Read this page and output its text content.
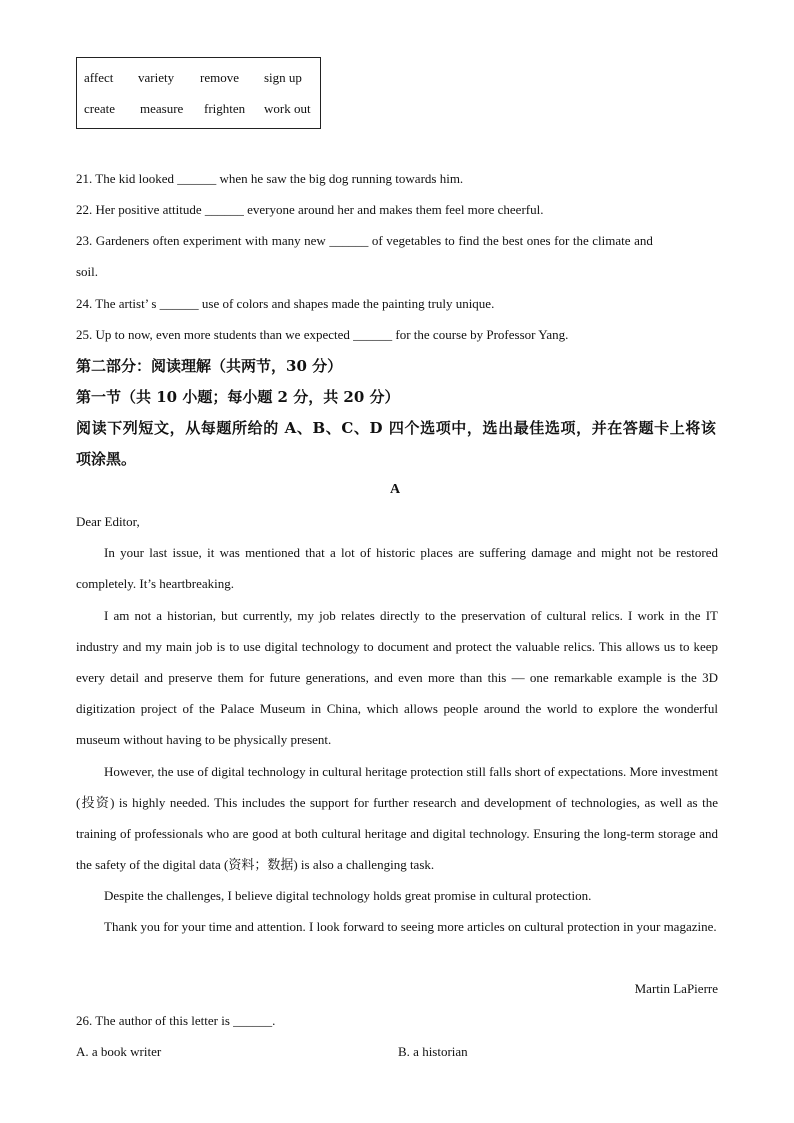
affect variety remove sign up
create measure frighten work out
21. The kid looked ______ when he saw the big dog running towards him.
22. Her positive attitude ______ everyone around her and makes them feel more cheerful.
23. Gardeners often experiment with many new ______ of vegetables to find the best ones for the climate and
soil.
24. The artist’ s ______ use of colors and shapes made the painting truly unique.
25. Up to now, even more students than we expected ______ for the course by Professor Yang.
第二部分：阅读理解（共两节，30 分）
第一节（共 10 小题；每小题 2 分，共 20 分）
阅读下列短文，从每题所给的 A、B、C、D 四个选项中，选出最佳选项，并在答题卡上将该
项涂黑。
A
Dear Editor,
In your last issue, it was mentioned that a lot of historic places are suffering damage and might not be restored completely. It’s heartbreaking.
I am not a historian, but currently, my job relates directly to the preservation of cultural relics. I work in the IT industry and my main job is to use digital technology to document and protect the valuable relics. This allows us to keep every detail and preserve them for future generations, and even more than this — one remarkable example is the 3D digitization project of the Palace Museum in China, which allows people around the world to explore the wonderful museum without having to be physically present.
However, the use of digital technology in cultural heritage protection still falls short of expectations. More investment (投资) is highly needed. This includes the support for further research and development of technologies, as well as the training of professionals who are good at both cultural heritage and digital technology. Ensuring the long-term storage and the safety of the digital data (资料；数据) is also a challenging task.
Despite the challenges, I believe digital technology holds great promise in cultural protection.
Thank you for your time and attention. I look forward to seeing more articles on cultural protection in your magazine.
Martin LaPierre
26. The author of this letter is ______.
A. a book writer	B. a historian
